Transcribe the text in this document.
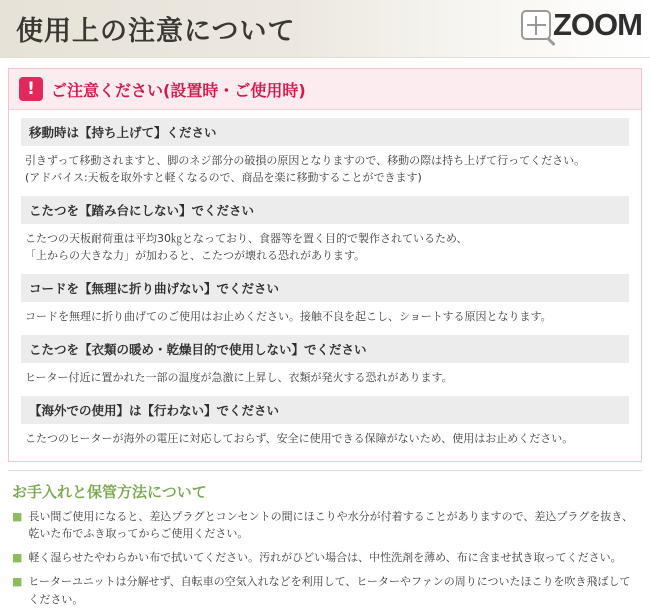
使用上の注意について	ZOOM
!	ご注意ください(設置時・ご使用時)
移動時は【持ち上げて】ください
引きずって移動されますと、脚のネジ部分の破損の原因となりますので、移動の際は持ち上げて行ってください。
(アドバイス:天板を取外すと軽くなるので、商品を楽に移動することができます)
こたつを【踏み台にしない】でください
こたつの天板耐荷重は平均30㎏となっており、食器等を置く目的で製作されているため、
「上からの大きな力」が加わると、こたつが壊れる恐れがあります。
コードを【無理に折り曲げない】でください
コードを無理に折り曲げてのご使用はお止めください。接触不良を起こし、ショートする原因となります。
こたつを【衣類の暖め・乾燥目的で使用しない】でください
ヒーター付近に置かれた一部の温度が急激に上昇し、衣類が発火する恐れがあります。
【海外での使用】は【行わない】でください
こたつのヒーターが海外の電圧に対応しておらず、安全に使用できる保障がないため、使用はお止めください。
お手入れと保管方法について
■ 長い間ご使用になると、差込プラグとコンセントの間にほこりや水分が付着することがありますので、差込プラグを抜き、
乾いた布でふき取ってからご使用ください。
■ 軽く湿らせたやわらかい布で拭いてください。汚れがひどい場合は、中性洗剤を薄め、布に含ませ拭き取ってください。
■ ヒーターユニットは分解せず、自転車の空気入れなどを利用して、ヒーターやファンの周りについたほこりを吹き飛ばしてください。
